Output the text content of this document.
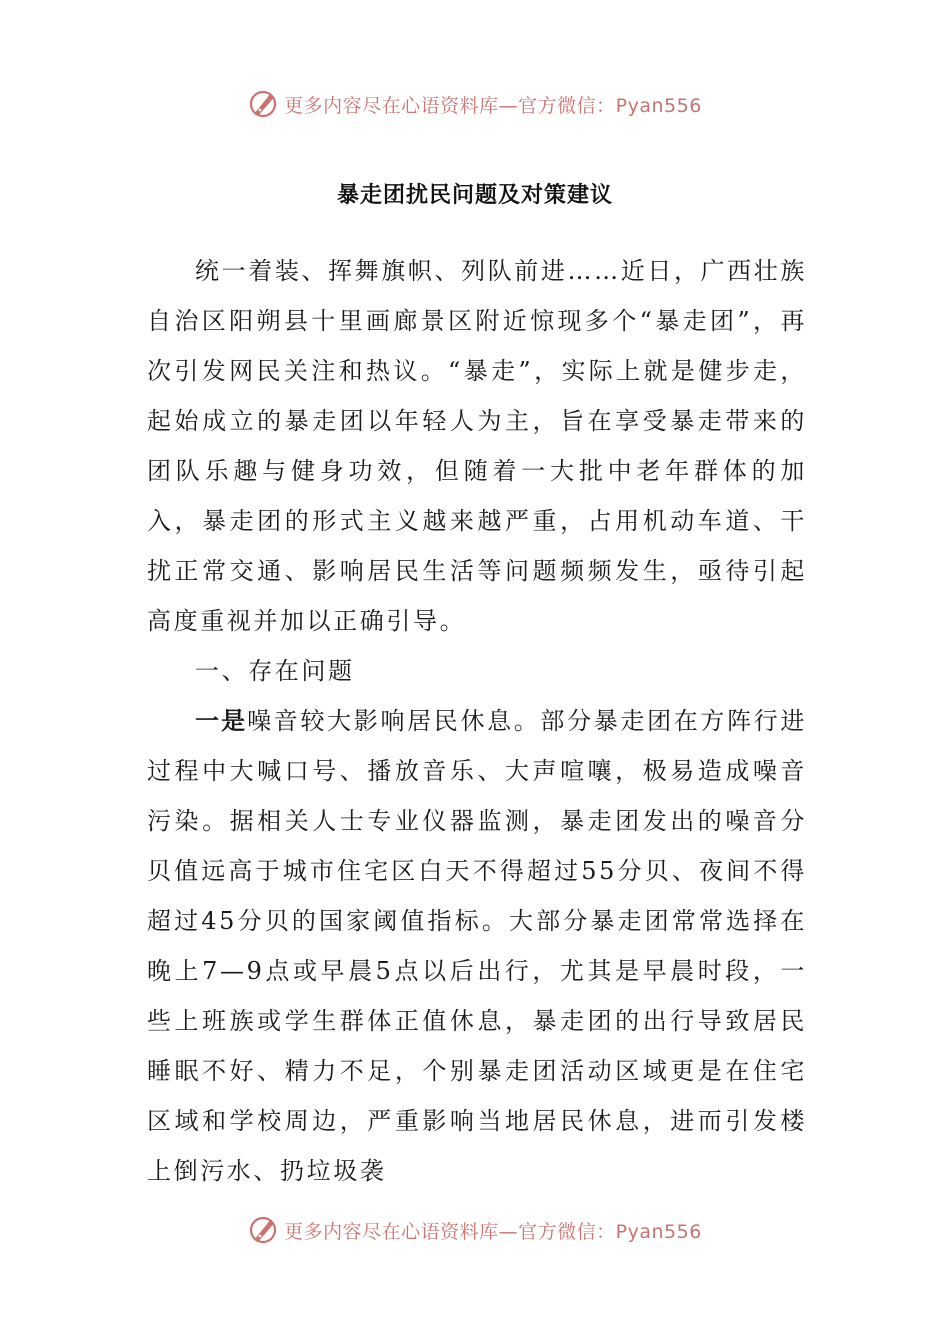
更多内容尽在心语资料库—官方微信：Pyan556
暴走团扰民问题及对策建议

统一着装、挥舞旗帜、列队前进……近日，广西壮族自治区阳朔县十里画廊景区附近惊现多个“暴走团”，再次引发网民关注和热议。“暴走”，实际上就是健步走，起始成立的暴走团以年轻人为主，旨在享受暴走带来的团队乐趣与健身功效，但随着一大批中老年群体的加入，暴走团的形式主义越来越严重，占用机动车道、干扰正常交通、影响居民生活等问题频频发生，亟待引起高度重视并加以正确引导。

一、存在问题

一是噪音较大影响居民休息。部分暴走团在方阵行进过程中大喊口号、播放音乐、大声喧嚷，极易造成噪音污染。据相关人士专业仪器监测，暴走团发出的噪音分贝值远高于城市住宅区白天不得超过55分贝、夜间不得超过45分贝的国家阈值指标。大部分暴走团常常选择在晚上7—9点或早晨5点以后出行，尤其是早晨时段，一些上班族或学生群体正值休息，暴走团的出行导致居民睡眠不好、精力不足，个别暴走团活动区域更是在住宅区域和学校周边，严重影响当地居民休息，进而引发楼上倒污水、扔垃圾袭

更多内容尽在心语资料库—官方微信：Pyan556
